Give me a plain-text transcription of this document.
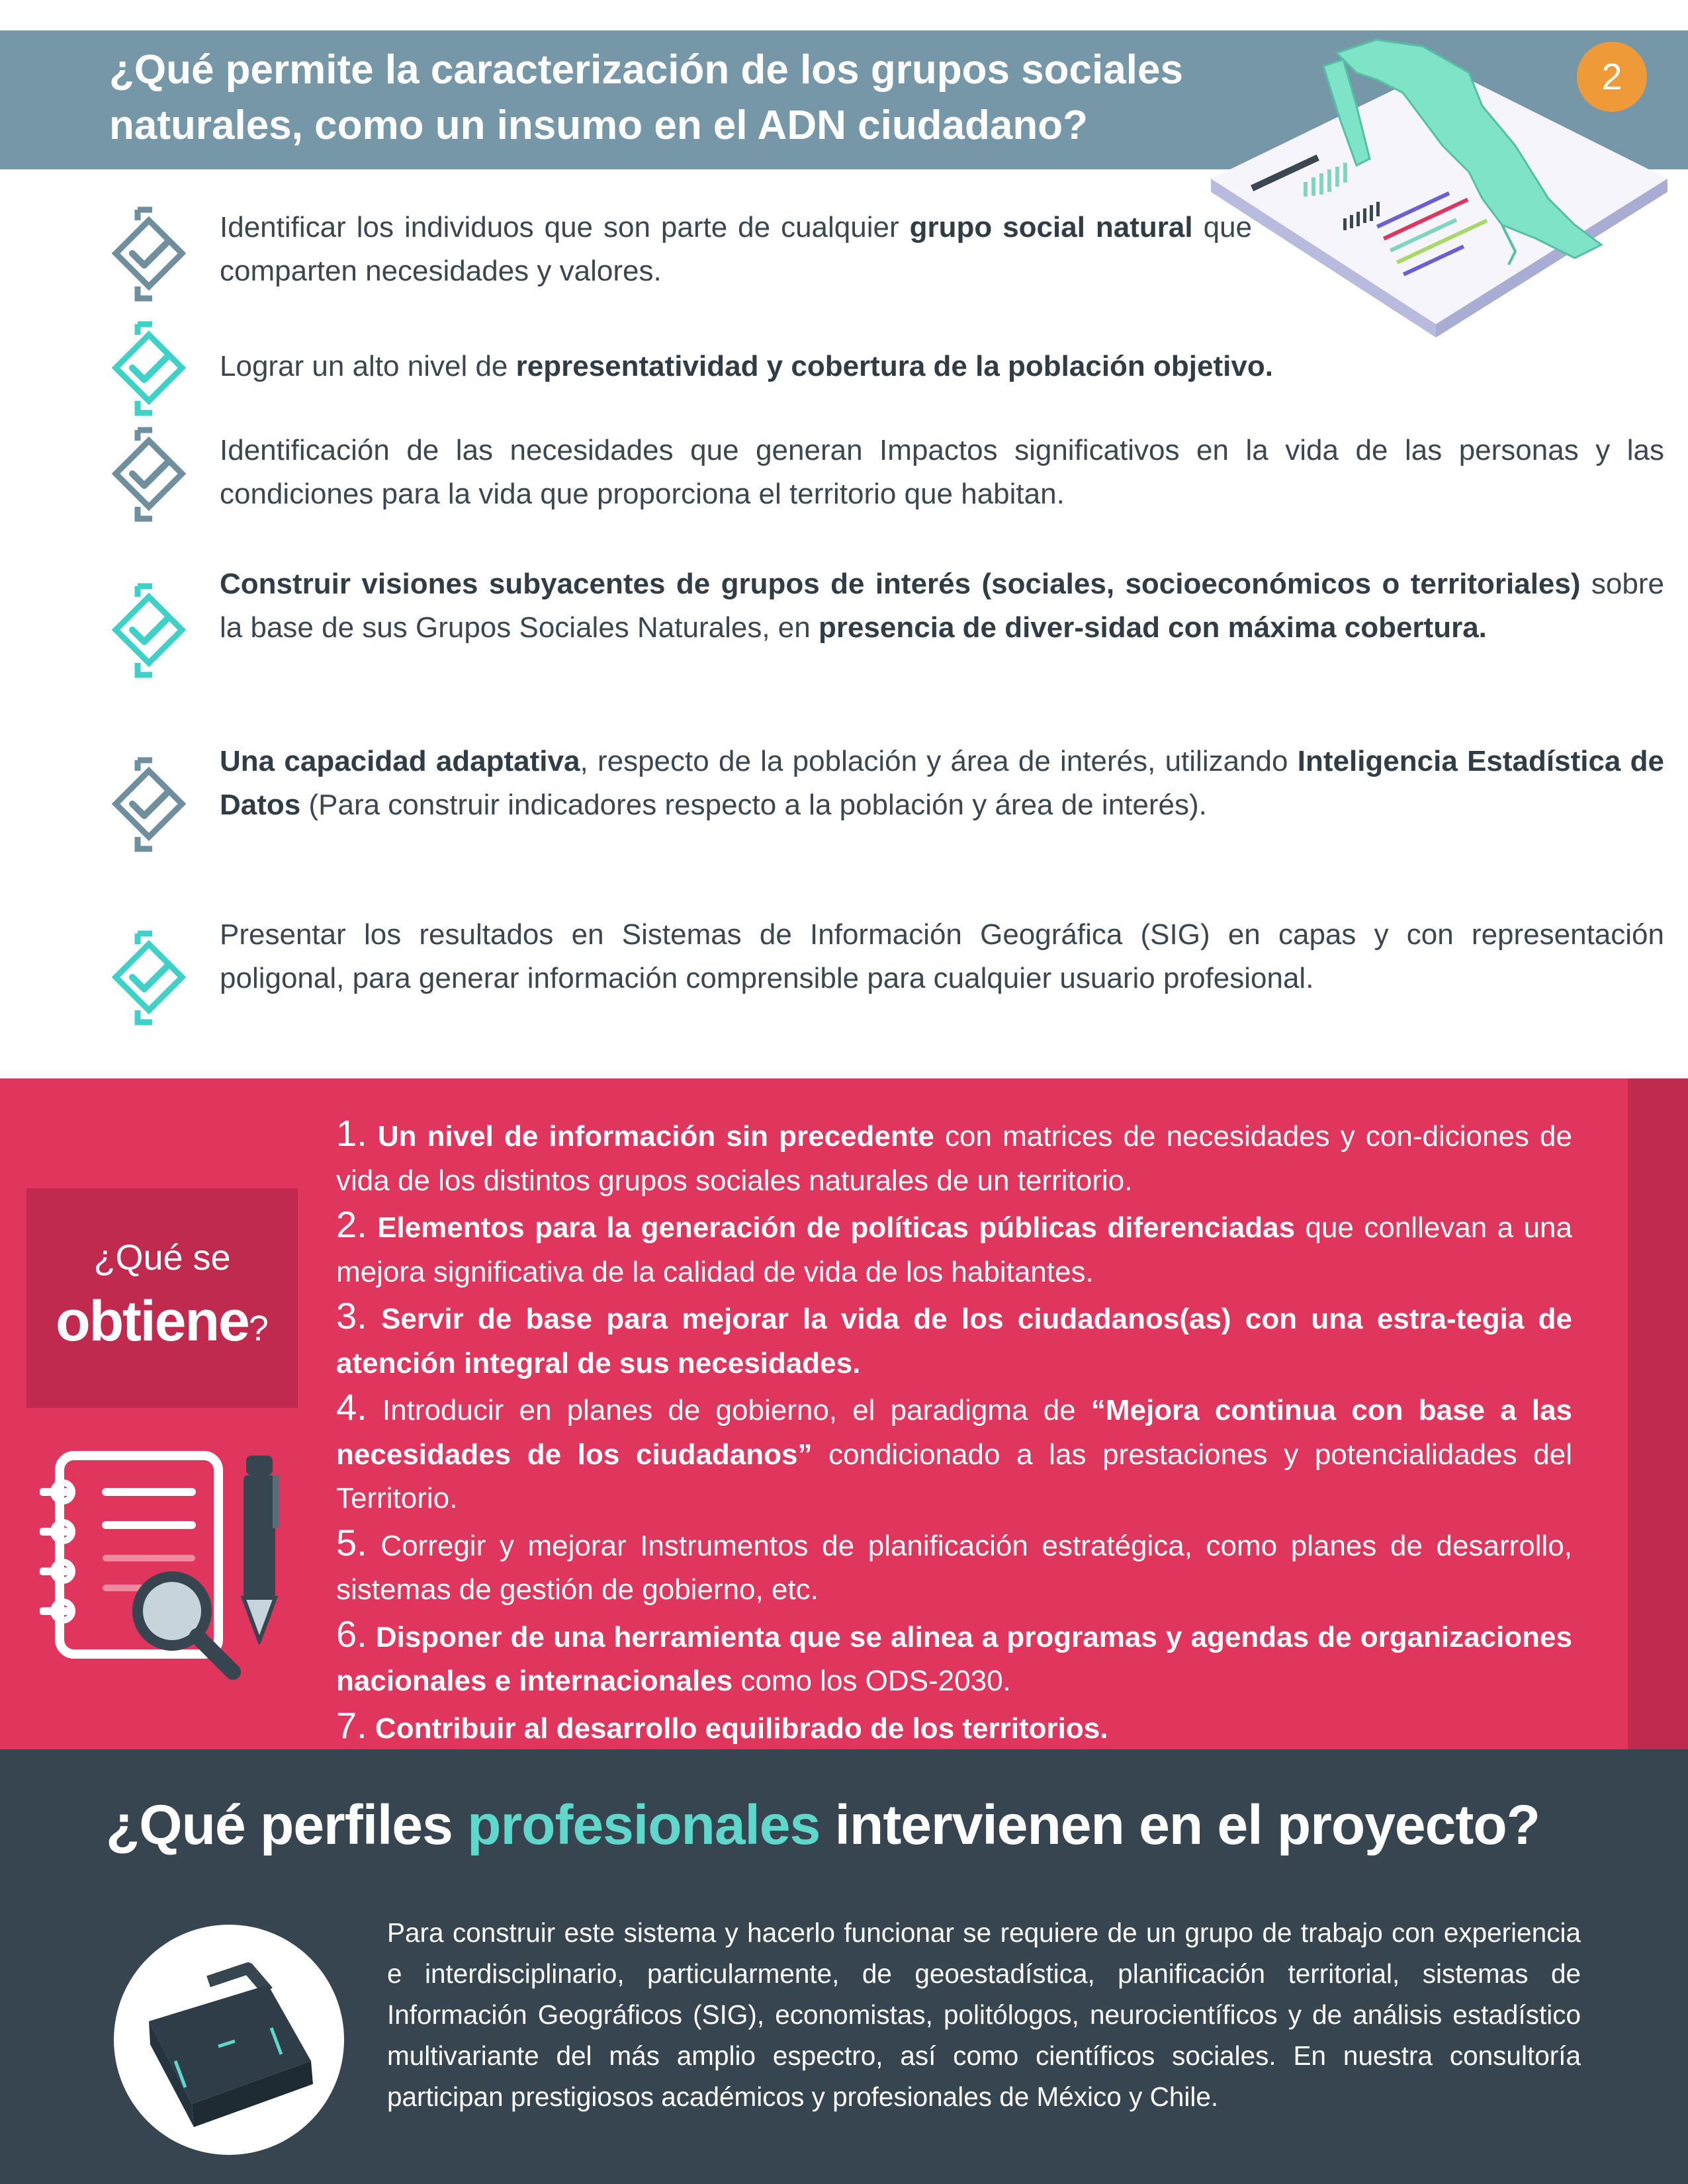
¿Qué permite la caracterización de los grupos sociales naturales, como un insumo en el ADN ciudadano?
2

Identificar los individuos que son parte de cualquier grupo social natural que comparten necesidades y valores.

Lograr un alto nivel de representatividad y cobertura de la población objetivo.

Identificación de las necesidades que generan Impactos significativos en la vida de las personas y las condiciones para la vida que proporciona el territorio que habitan.

Construir visiones subyacentes de grupos de interés (sociales, socioeconómicos o territoriales) sobre la base de sus Grupos Sociales Naturales, en presencia de diver-sidad con máxima cobertura.

Una capacidad adaptativa, respecto de la población y área de interés, utilizando Inteligencia Estadística de Datos (Para construir indicadores respecto a la población y área de interés).

Presentar los resultados en Sistemas de Información Geográfica (SIG) en capas y con representación poligonal, para generar información comprensible para cualquier usuario profesional.

¿Qué se
obtiene?
1. Un nivel de información sin precedente con matrices de necesidades y con-diciones de vida de los distintos grupos sociales naturales de un territorio.
2. Elementos para la generación de políticas públicas diferenciadas que conllevan a una mejora significativa de la calidad de vida de los habitantes.
3. Servir de base para mejorar la vida de los ciudadanos(as) con una estra-tegia de atención integral de sus necesidades.
4. Introducir en planes de gobierno, el paradigma de “Mejora continua con base a las necesidades de los ciudadanos” condicionado a las prestaciones y potencialidades del Territorio.
5. Corregir y mejorar Instrumentos de planificación estratégica, como planes de desarrollo, sistemas de gestión de gobierno, etc.
6. Disponer de una herramienta que se alinea a programas y agendas de organizaciones nacionales e internacionales como los ODS-2030.
7. Contribuir al desarrollo equilibrado de los territorios.
¿Qué perfiles profesionales intervienen en el proyecto?

Para construir este sistema y hacerlo funcionar se requiere de un grupo de trabajo con experiencia e interdisciplinario, particularmente, de geoestadística, planificación territorial, sistemas de Información Geográficos (SIG), economistas, politólogos, neurocientíficos y de análisis estadístico multivariante del más amplio espectro, así como científicos sociales. En nuestra consultoría participan prestigiosos académicos y profesionales de México y Chile.
